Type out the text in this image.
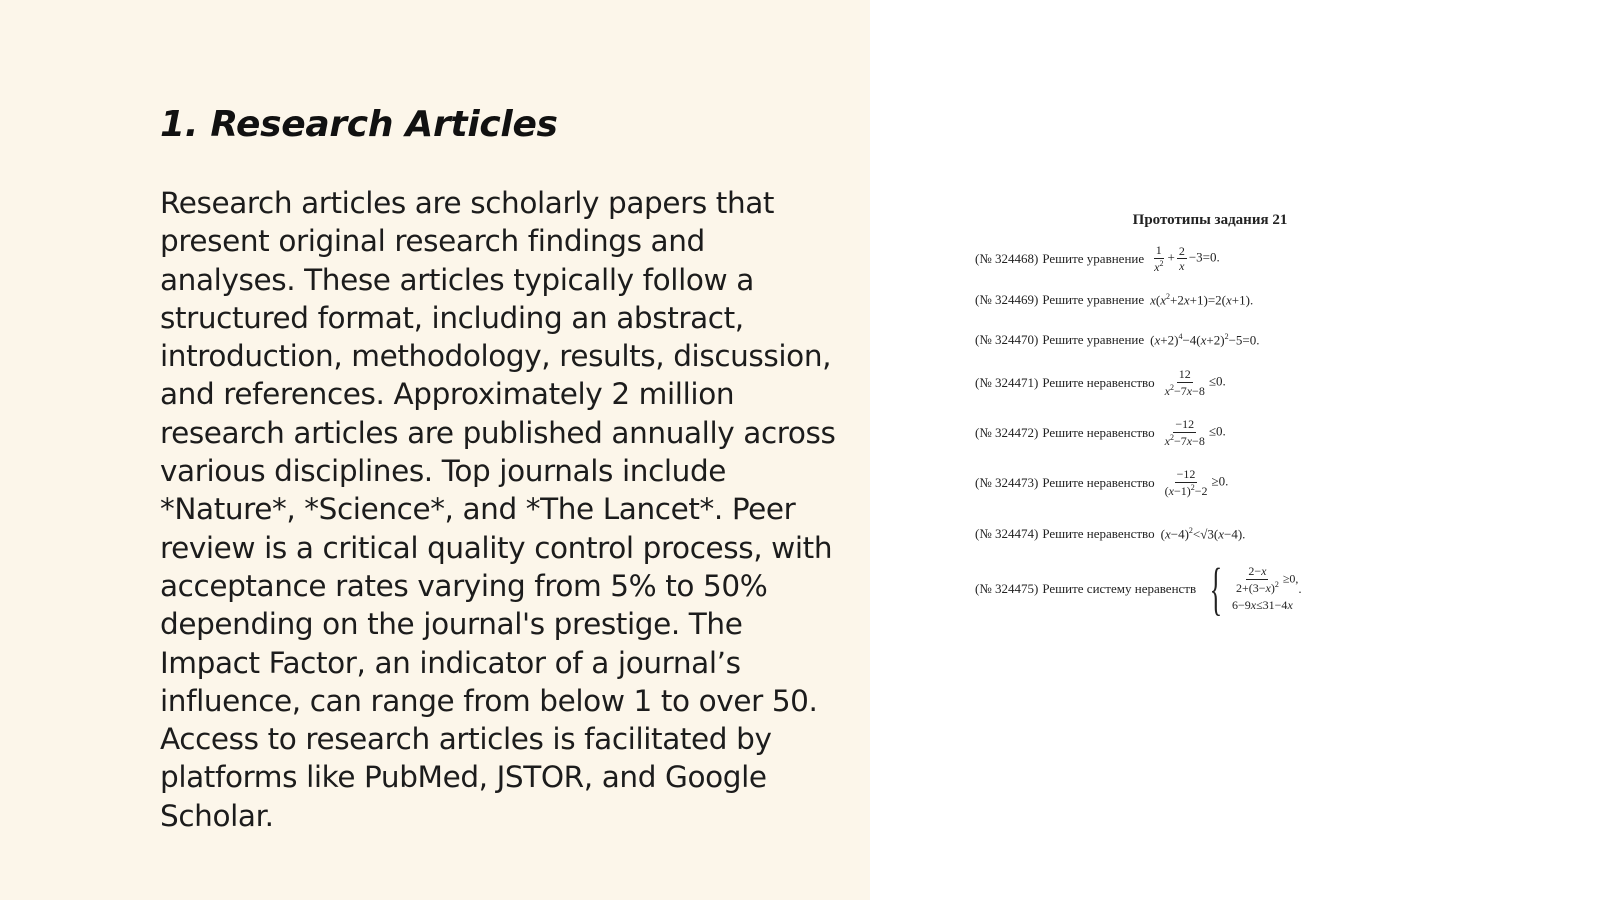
1. Research Articles

Research articles are scholarly papers that present original research findings and analyses. These articles typically follow a structured format, including an abstract, introduction, methodology, results, discussion, and references. Approximately 2 million research articles are published annually across various disciplines. Top journals include *Nature*, *Science*, and *The Lancet*. Peer review is a critical quality control process, with acceptance rates varying from 5% to 50% depending on the journal's prestige. The Impact Factor, an indicator of a journal’s influence, can range from below 1 to over 50. Access to research articles is facilitated by platforms like PubMed, JSTOR, and Google Scholar.

Прототипы задания 21
(№ 324468) Решите уравнение $\frac{1}{x^2} + \frac{2}{x} -3=0$.
(№ 324469) Решите уравнение $x(x^2+2x+1)=2(x+1)$.
(№ 324470) Решите уравнение $(x+2)^4-4(x+2)^2-5=0$.
(№ 324471) Решите неравенство $\frac{12}{x^2-7x-8} \le 0$.
(№ 324472) Решите неравенство $\frac{-12}{x^2-7x-8} \le 0$.
(№ 324473) Решите неравенство $\frac{-12}{(x-1)^2-2} \ge 0$.
(№ 324474) Решите неравенство $(x-4)^2<√3(x-4)$.
(№ 324475) Решите систему неравенств { $\frac{2-x}{2+(3-x)^2} \ge 0$,
6−9x≤31−4x
.
